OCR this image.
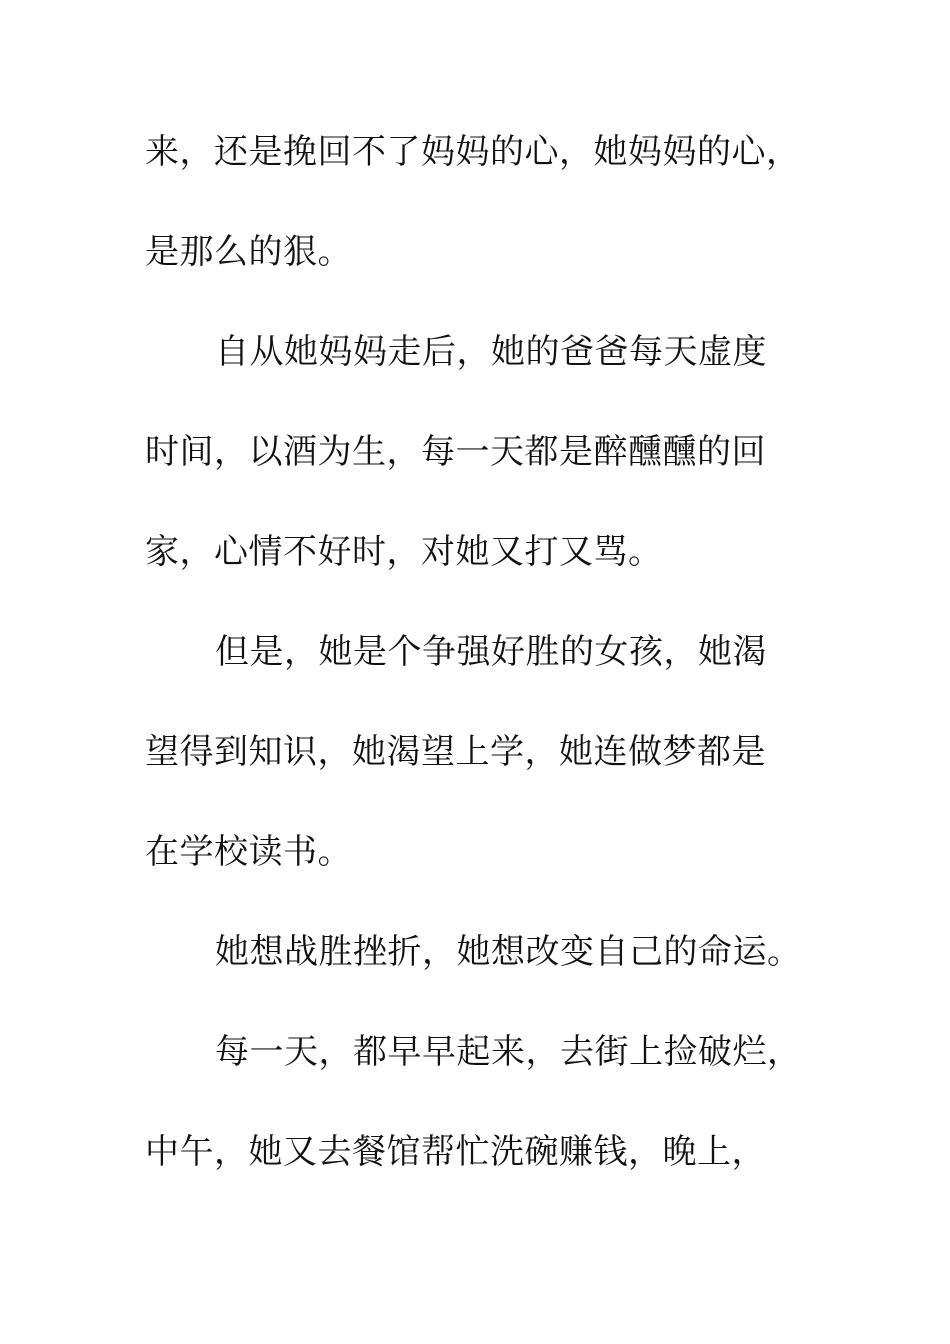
来，还是挽回不了妈妈的心，她妈妈的心，
是那么的狠。
自从她妈妈走后，她的爸爸每天虚度
时间，以酒为生，每一天都是醉醺醺的回
家，心情不好时，对她又打又骂。
但是，她是个争强好胜的女孩，她渴
望得到知识，她渴望上学，她连做梦都是
在学校读书。
她想战胜挫折，她想改变自己的命运。
每一天，都早早起来，去街上捡破烂，
中午，她又去餐馆帮忙洗碗赚钱，晚上，
